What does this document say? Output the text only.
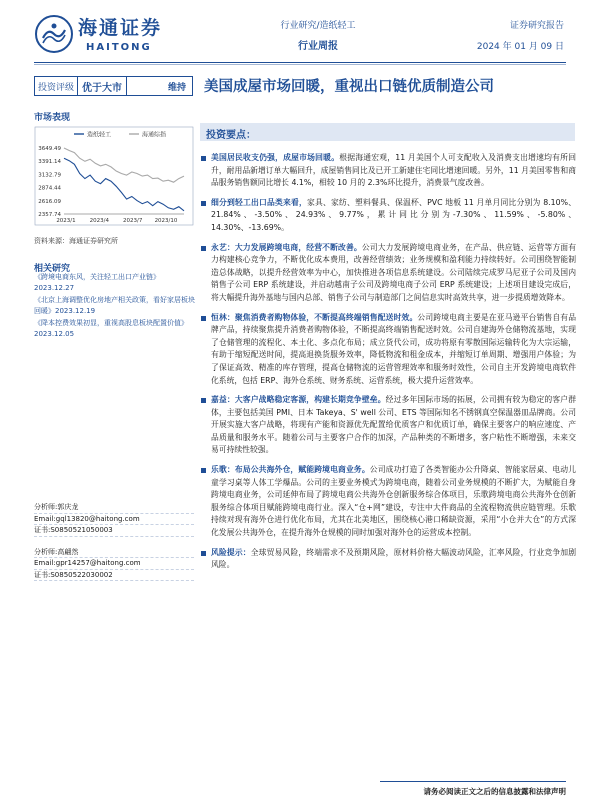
海通证券
HAITONG
行业研究/造纸轻工
行业周报
证券研究报告
2024 年 01 月 09 日
投资评级 优于大市	维持	美国成屋市场回暖，重视出口链优质制造公司
市场表现
造纸轻工	海通综指
3649.49
3391.14
3132.79
2874.44
2616.09
2357.74
2023/1	2023/4	2023/7 2023/10
资料来源：海通证券研究所
相关研究
《跨境电商东风，关注轻工出口产业链》2023.12.27
《北京上海调整优化房地产相关政策，看好家居板块回暖》2023.12.19
《降本控费效果初显，重视高股息板块配置价值》2023.12.05
分析师:郭庆龙
Email:gql13820@haitong.com
证书:S0850521050003
分析师:高翩然
Email:gpr14257@haitong.com
证书:S0850522030002
投资要点：
美国居民收支仍强，成屋市场回暖。根据海通宏观，11 月美国个人可支配收入及消费支出增速均有所回升，耐用品新增订单大幅回升，成屋销售同比及已开工新建住宅同比增速回暖。另外，11 月美国零售和商品服务销售额同比增长 4.1%，相较 10 月的 2.3%环比提升，消费景气度改善。
细分到轻工出口品类来看，家具、家纺、塑料餐具、保温杯、PVC 地板 11 月单月同比分别为 8.10%、21.84%、-3.50%、24.93%、9.77%，累计同比分别为-7.30%、11.59%、-5.80%、14.30%、-13.69%。
永艺：大力发展跨境电商，经营不断改善。公司大力发展跨境电商业务，在产品、供应链、运营等方面有力构建核心竞争力，不断优化成本费用，改善经营绩效；业务规模和盈利能力持续转好。公司围绕智能制造总体战略，以提升经营效率为中心，加快推进各项信息系统建设。公司陆续完成罗马尼亚子公司及国内销售子公司 ERP 系统建设，并启动越南子公司及跨境电商子公司 ERP 系统建设；上述项目建设完成后，将大幅提升海外基地与国内总部、销售子公司与制造部门之间信息实时高效共享，进一步提质增效降本。
恒林：聚焦消费者购物体验，不断提高终端销售配送时效。公司跨境电商主要是在亚马逊平台销售自有品牌产品，持续聚焦提升消费者购物体验，不断提高终端销售配送时效。公司自建海外仓储物流基地，实现了仓储管理的流程化、本土化、多点化布局；成立货代公司，成功将原有零散国际运输转化为大宗运输，有助于缩短配送时间，提高退换货服务效率，降低物流和租金成本，并缩短订单周期、增强用户体验；为了保证高效、精准的库存管理，提高仓储物流的运营管理效率和服务时效性，公司自主开发跨境电商软件化系统，包括 ERP、海外仓系统、财务系统、运营系统，极大提升运营效率。
嘉益：大客户战略稳定客源，构建长期竞争壁垒。经过多年国际市场的拓展，公司拥有较为稳定的客户群体，主要包括美国 PMI、日本 Takeya、S' well 公司、ETS 等国际知名不锈钢真空保温器皿品牌商。公司开展实施大客户战略，将现有产能和资源优先配置给优质客户和优质订单，确保主要客户的响应速度、产品质量和服务水平。随着公司与主要客户合作的加深，产品种类的不断增多，客户粘性不断增强，未来交易可持续性较强。
乐歌：布局公共海外仓，赋能跨境电商业务。公司成功打造了各类智能办公升降桌、智能家居桌、电动儿童学习桌等人体工学爆品。公司的主要业务模式为跨境电商，随着公司业务规模的不断扩大，为赋能自身跨境电商业务，公司延伸布局了跨境电商公共海外仓创新服务综合体项目，乐歌跨境电商公共海外仓创新服务综合体项目赋能跨境电商行业。深入“仓+网”建设，专注中大件商品的全流程物流供应链管理。乐歌持续对现有海外仓进行优化布局，尤其在北美地区，围绕核心港口稀缺资源，采用“小仓并大仓”的方式深化发展公共海外仓，在提升海外仓规模的同时加强对海外仓的运营成本控制。
风险提示：全球贸易风险，终端需求不及预期风险，原材料价格大幅波动风险，汇率风险，行业竞争加剧风险。
请务必阅读正文之后的信息披露和法律声明
